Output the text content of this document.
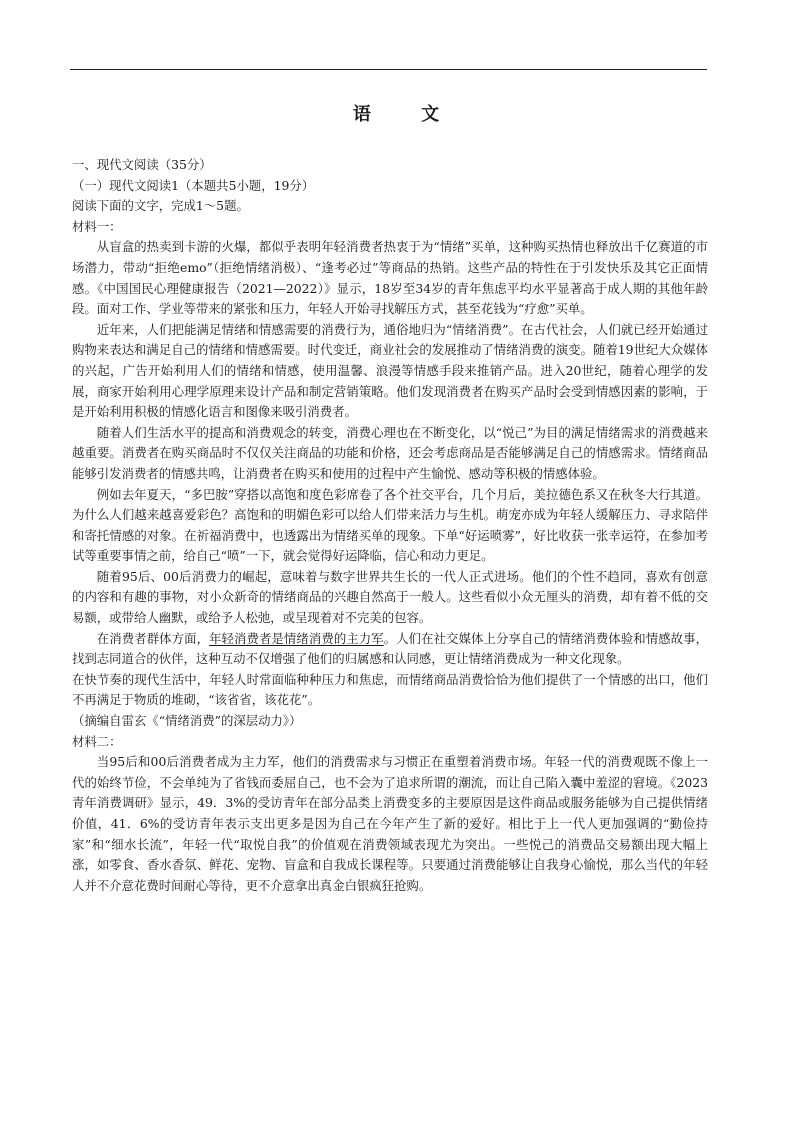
语 文

一、现代文阅读（35分）

（一）现代文阅读1（本题共5小题，19分）

阅读下面的文字，完成1～5题。

材料一：

从盲盒的热卖到卡游的火爆，都似乎表明年轻消费者热衷于为“情绪”买单，这种购买热情也释放出千亿赛道的市场潜力，带动“拒绝emo”（拒绝情绪消极）、“逢考必过”等商品的热销。这些产品的特性在于引发快乐及其它正面情感。《中国国民心理健康报告（2021—2022）》显示，18岁至34岁的青年焦虑平均水平显著高于成人期的其他年龄段。面对工作、学业等带来的紧张和压力，年轻人开始寻找解压方式，甚至花钱为“疗愈”买单。

近年来，人们把能满足情绪和情感需要的消费行为，通俗地归为“情绪消费”。在古代社会，人们就已经开始通过购物来表达和满足自己的情绪和情感需要。时代变迁，商业社会的发展推动了情绪消费的演变。随着19世纪大众媒体的兴起，广告开始利用人们的情绪和情感，使用温馨、浪漫等情感手段来推销产品。进入20世纪，随着心理学的发展，商家开始利用心理学原理来设计产品和制定营销策略。他们发现消费者在购买产品时会受到情感因素的影响，于是开始利用积极的情感化语言和图像来吸引消费者。

随着人们生活水平的提高和消费观念的转变，消费心理也在不断变化，以“悦己”为目的满足情绪需求的消费越来越重要。消费者在购买商品时不仅仅关注商品的功能和价格，还会考虑商品是否能够满足自己的情感需求。情绪商品能够引发消费者的情感共鸣，让消费者在购买和使用的过程中产生愉悦、感动等积极的情感体验。

例如去年夏天，“多巴胺”穿搭以高饱和度色彩席卷了各个社交平台，几个月后，美拉德色系又在秋冬大行其道。为什么人们越来越喜爱彩色？高饱和的明媚色彩可以给人们带来活力与生机。萌宠亦成为年轻人缓解压力、寻求陪伴和寄托情感的对象。在祈福消费中，也透露出为情绪买单的现象。下单“好运喷雾”，好比收获一张幸运符，在参加考试等重要事情之前，给自己“喷”一下，就会觉得好运降临，信心和动力更足。

随着95后、00后消费力的崛起，意味着与数字世界共生长的一代人正式进场。他们的个性不趋同，喜欢有创意的内容和有趣的事物，对小众新奇的情绪商品的兴趣自然高于一般人。这些看似小众无厘头的消费，却有着不低的交易额，或带给人幽默，或给予人松弛，或呈现着对不完美的包容。

在消费者群体方面，年轻消费者是情绪消费的主力军。人们在社交媒体上分享自己的情绪消费体验和情感故事，找到志同道合的伙伴，这种互动不仅增强了他们的归属感和认同感，更让情绪消费成为一种文化现象。

在快节奏的现代生活中，年轻人时常面临种种压力和焦虑，而情绪商品消费恰恰为他们提供了一个情感的出口，他们不再满足于物质的堆砌，“该省省，该花花”。

（摘编自雷玄《“情绪消费”的深层动力》）

材料二：

当95后和00后消费者成为主力军，他们的消费需求与习惯正在重塑着消费市场。年轻一代的消费观既不像上一代的始终节俭，不会单纯为了省钱而委屈自己，也不会为了追求所谓的潮流，而让自己陷入囊中羞涩的窘境。《2023青年消费调研》显示，49．3%的受访青年在部分品类上消费变多的主要原因是这件商品或服务能够为自己提供情绪价值，41．6%的受访青年表示支出更多是因为自己在今年产生了新的爱好。相比于上一代人更加强调的“勤俭持家”和“细水长流”，年轻一代“取悦自我”的价值观在消费领域表现尤为突出。一些悦己的消费品交易额出现大幅上涨，如零食、香水香氛、鲜花、宠物、盲盒和自我成长课程等。只要通过消费能够让自我身心愉悦，那么当代的年轻人并不介意花费时间耐心等待，更不介意拿出真金白银疯狂抢购。
